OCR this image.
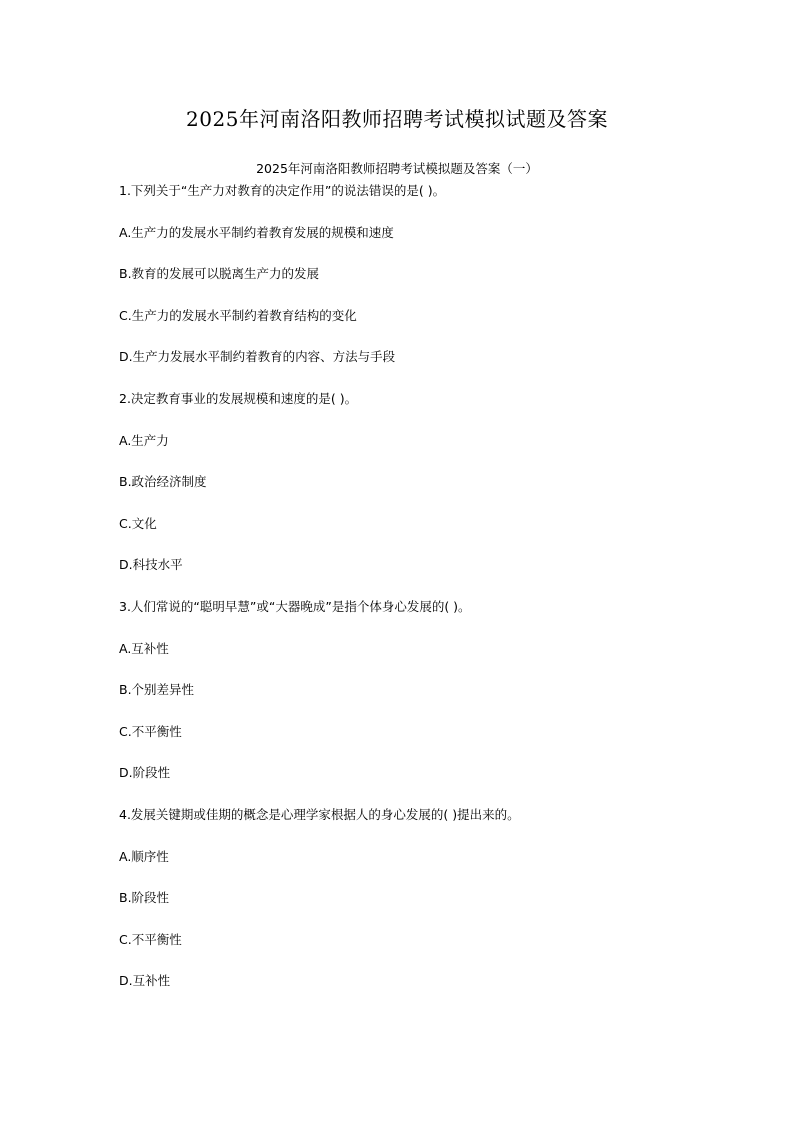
2025年河南洛阳教师招聘考试模拟试题及答案
2025年河南洛阳教师招聘考试模拟题及答案（一）
1.下列关于“生产力对教育的决定作用”的说法错误的是( )。
A.生产力的发展水平制约着教育发展的规模和速度
B.教育的发展可以脱离生产力的发展
C.生产力的发展水平制约着教育结构的变化
D.生产力发展水平制约着教育的内容、方法与手段
2.决定教育事业的发展规模和速度的是( )。
A.生产力
B.政治经济制度
C.文化
D.科技水平
3.人们常说的“聪明早慧”或“大器晚成”是指个体身心发展的( )。
A.互补性
B.个别差异性
C.不平衡性
D.阶段性
4.发展关键期或佳期的概念是心理学家根据人的身心发展的( )提出来的。
A.顺序性
B.阶段性
C.不平衡性
D.互补性
